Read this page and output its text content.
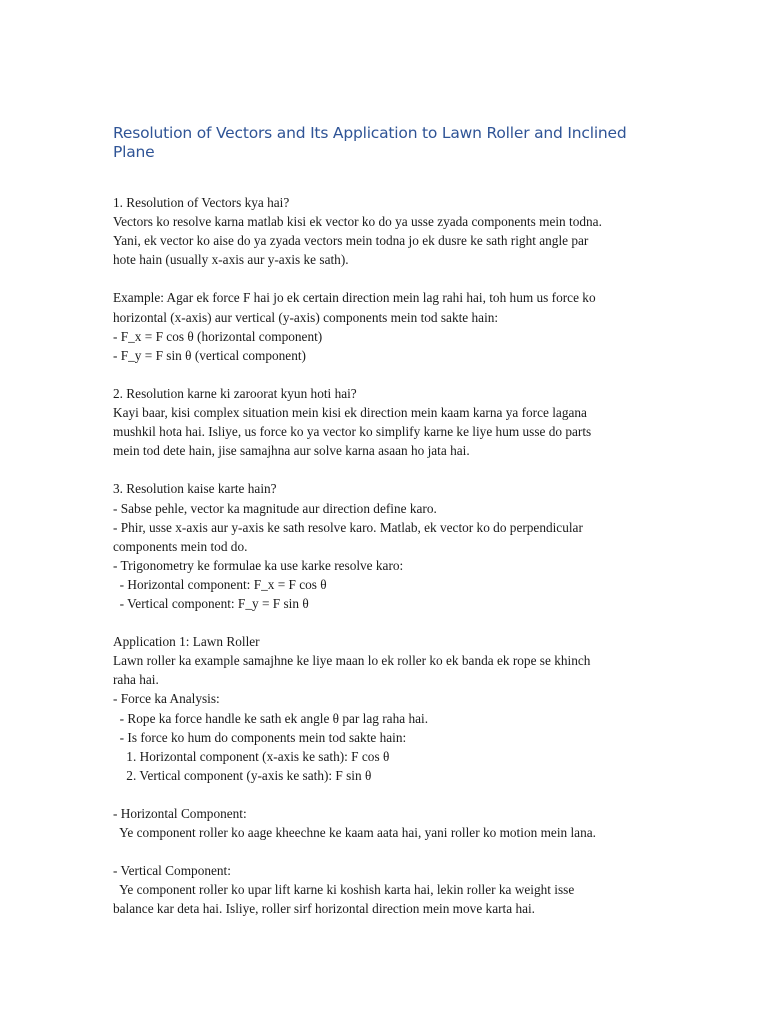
Resolution of Vectors and Its Application to Lawn Roller and Inclined
Plane
1. Resolution of Vectors kya hai?
Vectors ko resolve karna matlab kisi ek vector ko do ya usse zyada components mein todna.
Yani, ek vector ko aise do ya zyada vectors mein todna jo ek dusre ke sath right angle par
hote hain (usually x-axis aur y-axis ke sath).
Example: Agar ek force F hai jo ek certain direction mein lag rahi hai, toh hum us force ko
horizontal (x-axis) aur vertical (y-axis) components mein tod sakte hain:
- F_x = F cos θ (horizontal component)
- F_y = F sin θ (vertical component)
2. Resolution karne ki zaroorat kyun hoti hai?
Kayi baar, kisi complex situation mein kisi ek direction mein kaam karna ya force lagana
mushkil hota hai. Isliye, us force ko ya vector ko simplify karne ke liye hum usse do parts
mein tod dete hain, jise samajhna aur solve karna asaan ho jata hai.
3. Resolution kaise karte hain?
- Sabse pehle, vector ka magnitude aur direction define karo.
- Phir, usse x-axis aur y-axis ke sath resolve karo. Matlab, ek vector ko do perpendicular
components mein tod do.
- Trigonometry ke formulae ka use karke resolve karo:
- Horizontal component: F_x = F cos θ
- Vertical component: F_y = F sin θ
Application 1: Lawn Roller
Lawn roller ka example samajhne ke liye maan lo ek roller ko ek banda ek rope se khinch
raha hai.
- Force ka Analysis:
- Rope ka force handle ke sath ek angle θ par lag raha hai.
- Is force ko hum do components mein tod sakte hain:
1. Horizontal component (x-axis ke sath): F cos θ
2. Vertical component (y-axis ke sath): F sin θ
- Horizontal Component:
Ye component roller ko aage kheechne ke kaam aata hai, yani roller ko motion mein lana.
- Vertical Component:
Ye component roller ko upar lift karne ki koshish karta hai, lekin roller ka weight isse
balance kar deta hai. Isliye, roller sirf horizontal direction mein move karta hai.
